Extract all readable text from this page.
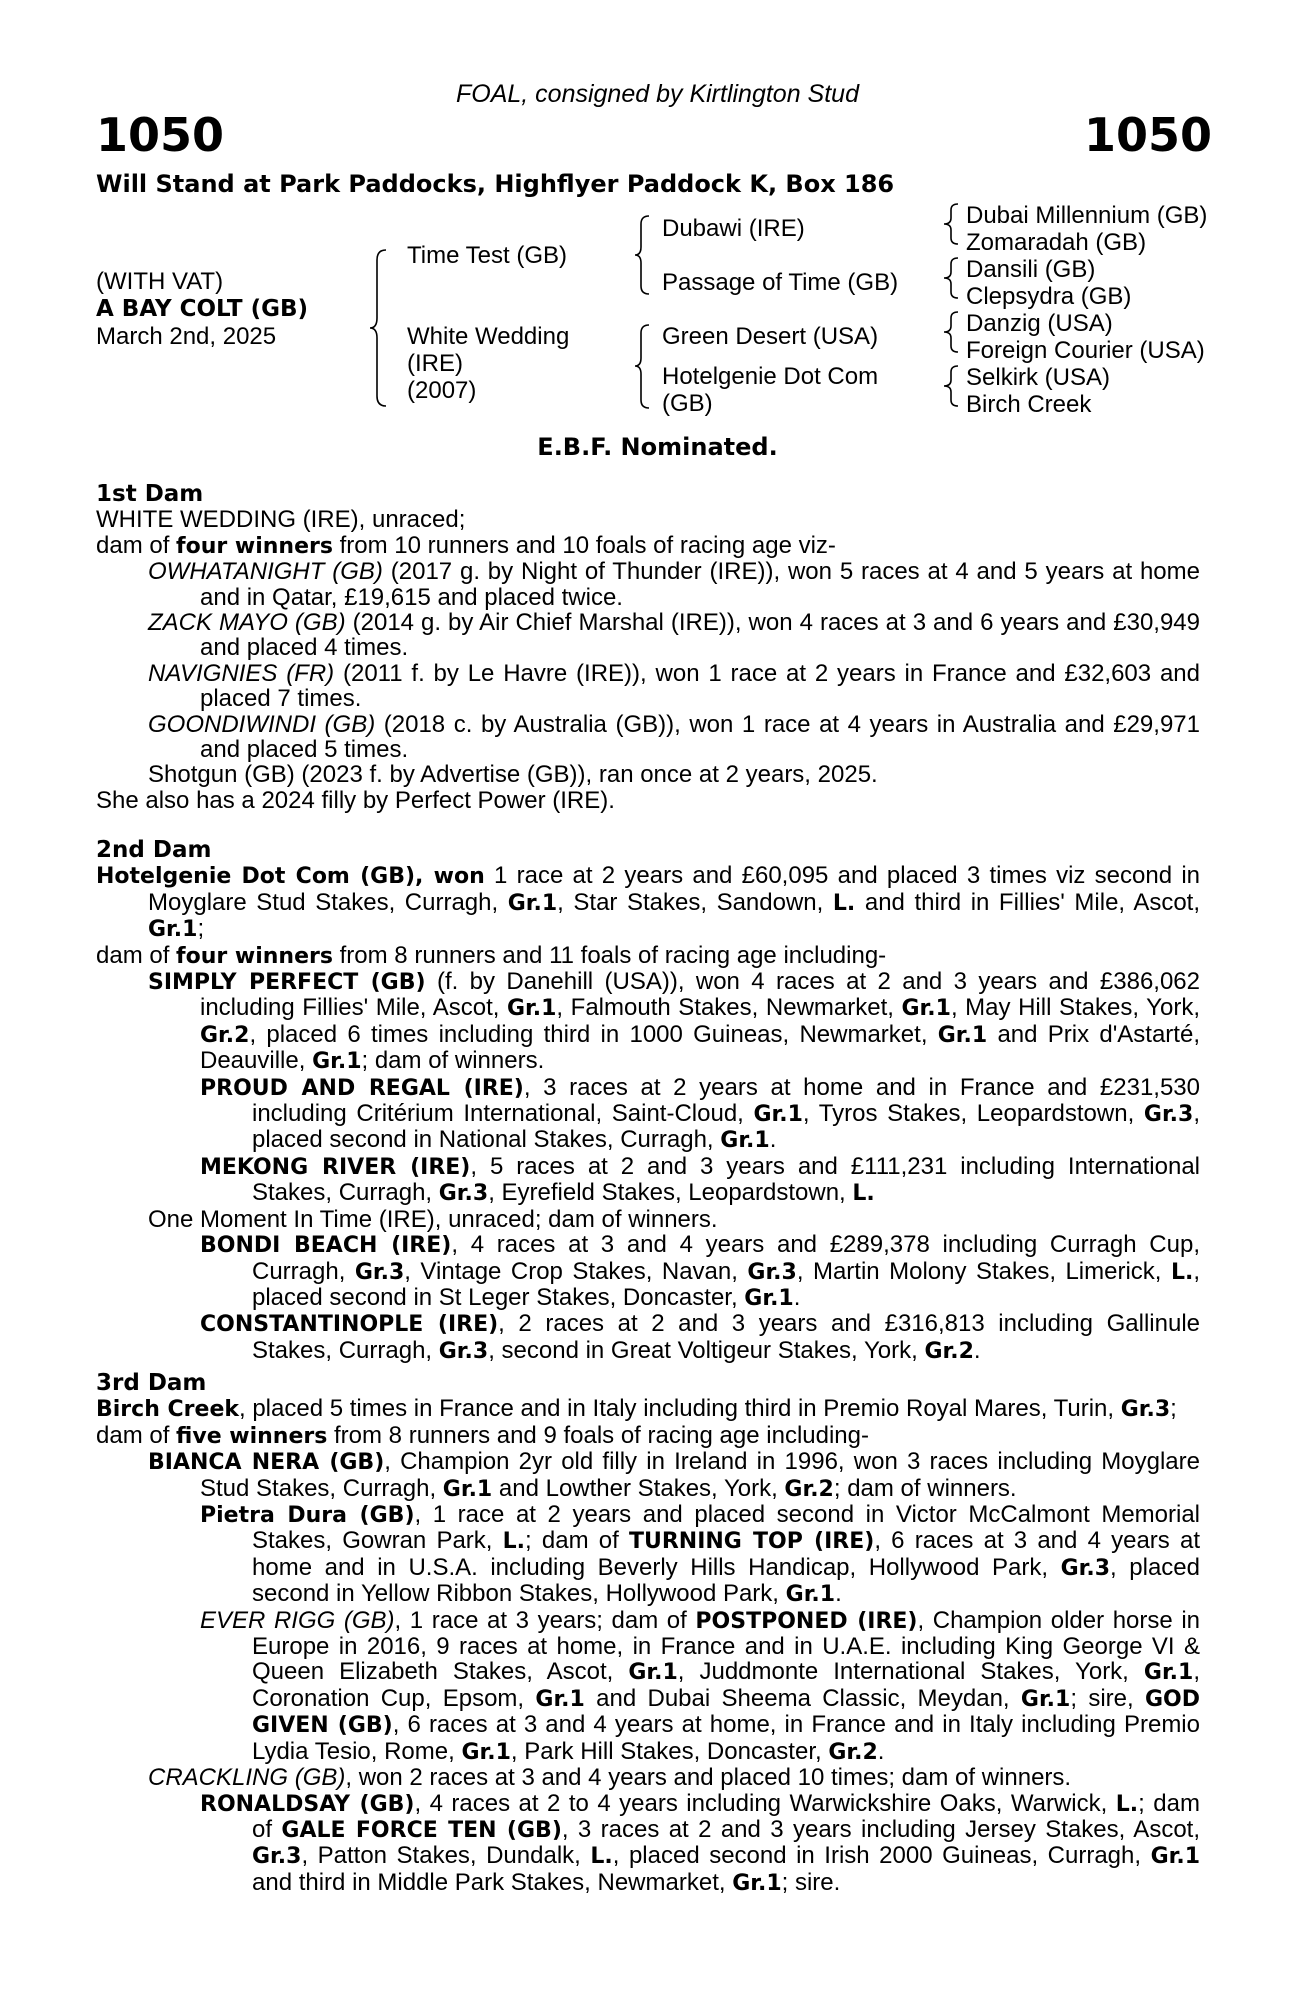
FOAL, consigned by Kirtlington Stud
1050	1050
Will Stand at Park Paddocks, Highflyer Paddock K, Box 186
(WITH VAT)
A BAY COLT (GB)
March 2nd, 2025
Time Test (GB)
White Wedding
(IRE)
(2007)
Dubawi (IRE)
Passage of Time (GB)
Green Desert (USA)
Hotelgenie Dot Com
(GB)
Dubai Millennium (GB)
Zomaradah (GB)
Dansili (GB)
Clepsydra (GB)
Danzig (USA)
Foreign Courier (USA)
Selkirk (USA)
Birch Creek
E.B.F. Nominated.
1st Dam

WHITE WEDDING (IRE), unraced;

dam of four winners from 10 runners and 10 foals of racing age viz-

OWHATANIGHT (GB) (2017 g. by Night of Thunder (IRE)), won 5 races at 4 and 5 years at home and in Qatar, £19,615 and placed twice.

ZACK MAYO (GB) (2014 g. by Air Chief Marshal (IRE)), won 4 races at 3 and 6 years and £30,949 and placed 4 times.

NAVIGNIES (FR) (2011 f. by Le Havre (IRE)), won 1 race at 2 years in France and £32,603 and placed 7 times.

GOONDIWINDI (GB) (2018 c. by Australia (GB)), won 1 race at 4 years in Australia and £29,971 and placed 5 times.

Shotgun (GB) (2023 f. by Advertise (GB)), ran once at 2 years, 2025.

She also has a 2024 filly by Perfect Power (IRE).

2nd Dam

Hotelgenie Dot Com (GB), won 1 race at 2 years and £60,095 and placed 3 times viz second in Moyglare Stud Stakes, Curragh, Gr.1, Star Stakes, Sandown, L. and third in Fillies' Mile, Ascot, Gr.1;

dam of four winners from 8 runners and 11 foals of racing age including-

SIMPLY PERFECT (GB) (f. by Danehill (USA)), won 4 races at 2 and 3 years and £386,062 including Fillies' Mile, Ascot, Gr.1, Falmouth Stakes, Newmarket, Gr.1, May Hill Stakes, York, Gr.2, placed 6 times including third in 1000 Guineas, Newmarket, Gr.1 and Prix d'Astarté, Deauville, Gr.1; dam of winners.

PROUD AND REGAL (IRE), 3 races at 2 years at home and in France and £231,530 including Critérium International, Saint-Cloud, Gr.1, Tyros Stakes, Leopardstown, Gr.3, placed second in National Stakes, Curragh, Gr.1.

MEKONG RIVER (IRE), 5 races at 2 and 3 years and £111,231 including International Stakes, Curragh, Gr.3, Eyrefield Stakes, Leopardstown, L.

One Moment In Time (IRE), unraced; dam of winners.

BONDI BEACH (IRE), 4 races at 3 and 4 years and £289,378 including Curragh Cup, Curragh, Gr.3, Vintage Crop Stakes, Navan, Gr.3, Martin Molony Stakes, Limerick, L., placed second in St Leger Stakes, Doncaster, Gr.1.

CONSTANTINOPLE (IRE), 2 races at 2 and 3 years and £316,813 including Gallinule Stakes, Curragh, Gr.3, second in Great Voltigeur Stakes, York, Gr.2.

3rd Dam

Birch Creek, placed 5 times in France and in Italy including third in Premio Royal Mares, Turin, Gr.3;

dam of five winners from 8 runners and 9 foals of racing age including-

BIANCA NERA (GB), Champion 2yr old filly in Ireland in 1996, won 3 races including Moyglare Stud Stakes, Curragh, Gr.1 and Lowther Stakes, York, Gr.2; dam of winners.

Pietra Dura (GB), 1 race at 2 years and placed second in Victor McCalmont Memorial Stakes, Gowran Park, L.; dam of TURNING TOP (IRE), 6 races at 3 and 4 years at home and in U.S.A. including Beverly Hills Handicap, Hollywood Park, Gr.3, placed second in Yellow Ribbon Stakes, Hollywood Park, Gr.1.

EVER RIGG (GB), 1 race at 3 years; dam of POSTPONED (IRE), Champion older horse in Europe in 2016, 9 races at home, in France and in U.A.E. including King George VI & Queen Elizabeth Stakes, Ascot, Gr.1, Juddmonte International Stakes, York, Gr.1, Coronation Cup, Epsom, Gr.1 and Dubai Sheema Classic, Meydan, Gr.1; sire, GOD GIVEN (GB), 6 races at 3 and 4 years at home, in France and in Italy including Premio Lydia Tesio, Rome, Gr.1, Park Hill Stakes, Doncaster, Gr.2.

CRACKLING (GB), won 2 races at 3 and 4 years and placed 10 times; dam of winners.

RONALDSAY (GB), 4 races at 2 to 4 years including Warwickshire Oaks, Warwick, L.; dam of GALE FORCE TEN (GB), 3 races at 2 and 3 years including Jersey Stakes, Ascot, Gr.3, Patton Stakes, Dundalk, L., placed second in Irish 2000 Guineas, Curragh, Gr.1 and third in Middle Park Stakes, Newmarket, Gr.1; sire.
